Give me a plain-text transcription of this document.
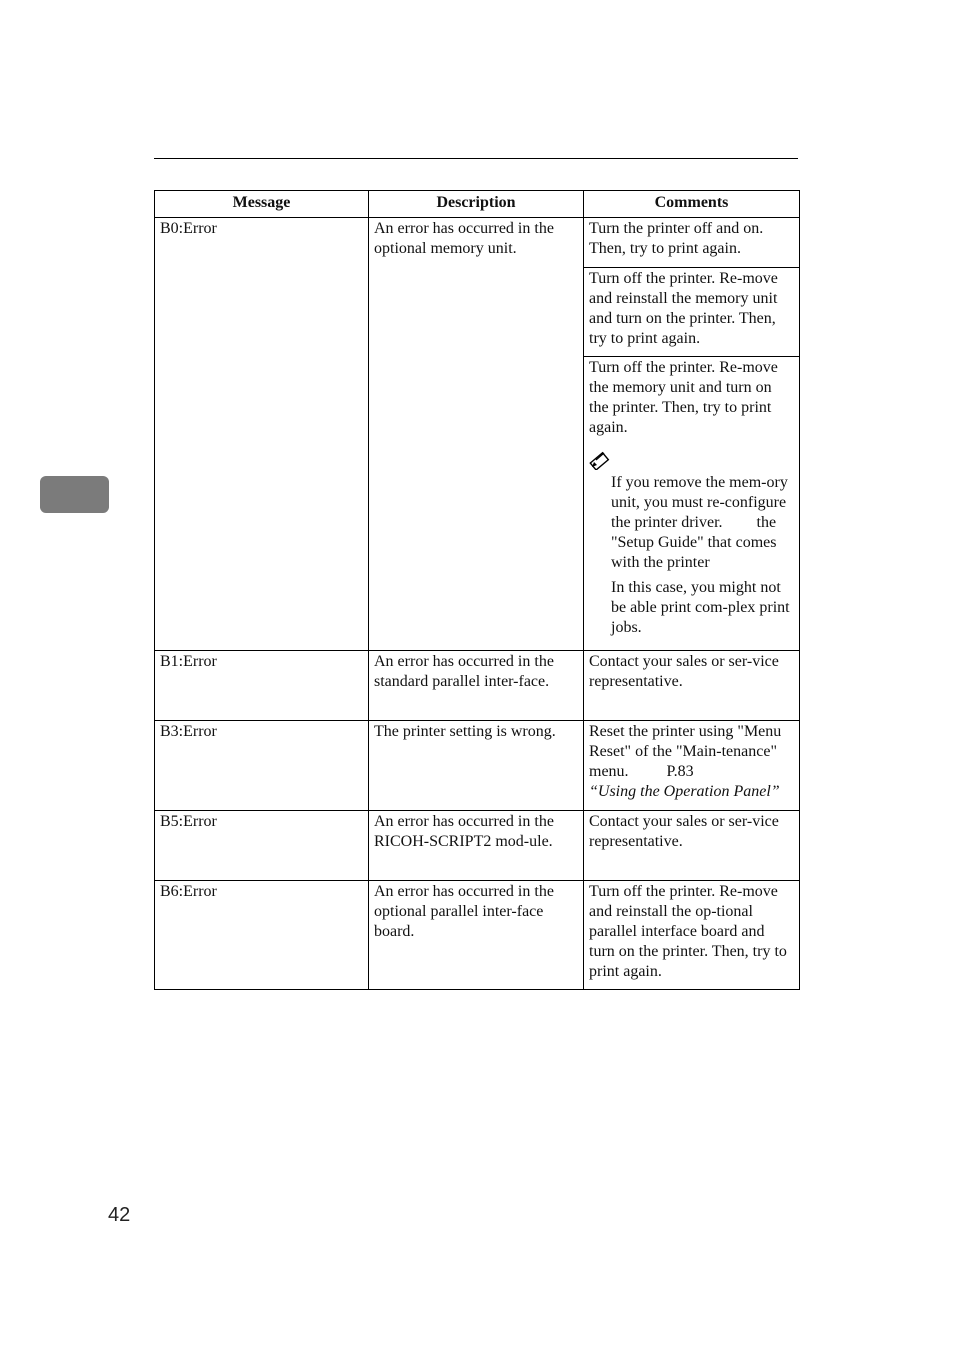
Message	Description	Comments
B0:Error	An error has occurred in the optional memory unit.	Turn the printer off and on. Then, try to print again.
		Turn off the printer. Re-move and reinstall the memory unit and turn on the printer. Then, try to print again.

		Turn off the printer. Re-move the memory unit and turn on the printer. Then, try to print again.

If you remove the mem-ory unit, you must re-configure the printer driver. the "Setup Guide" that comes with the printer

In this case, you might not be able print com-plex print jobs.

B1:Error	An error has occurred in the standard parallel inter-face.	Contact your sales or ser-vice representative.
B3:Error	The printer setting is wrong.	Reset the printer using "Menu Reset" of the "Main-tenance" menu. P.83
“Using the Operation Panel”
B5:Error	An error has occurred in the RICOH-SCRIPT2 mod-ule.	Contact your sales or ser-vice representative.
B6:Error	An error has occurred in the optional parallel inter-face board.	Turn off the printer. Re-move and reinstall the op-tional parallel interface board and turn on the printer. Then, try to print again.
42
